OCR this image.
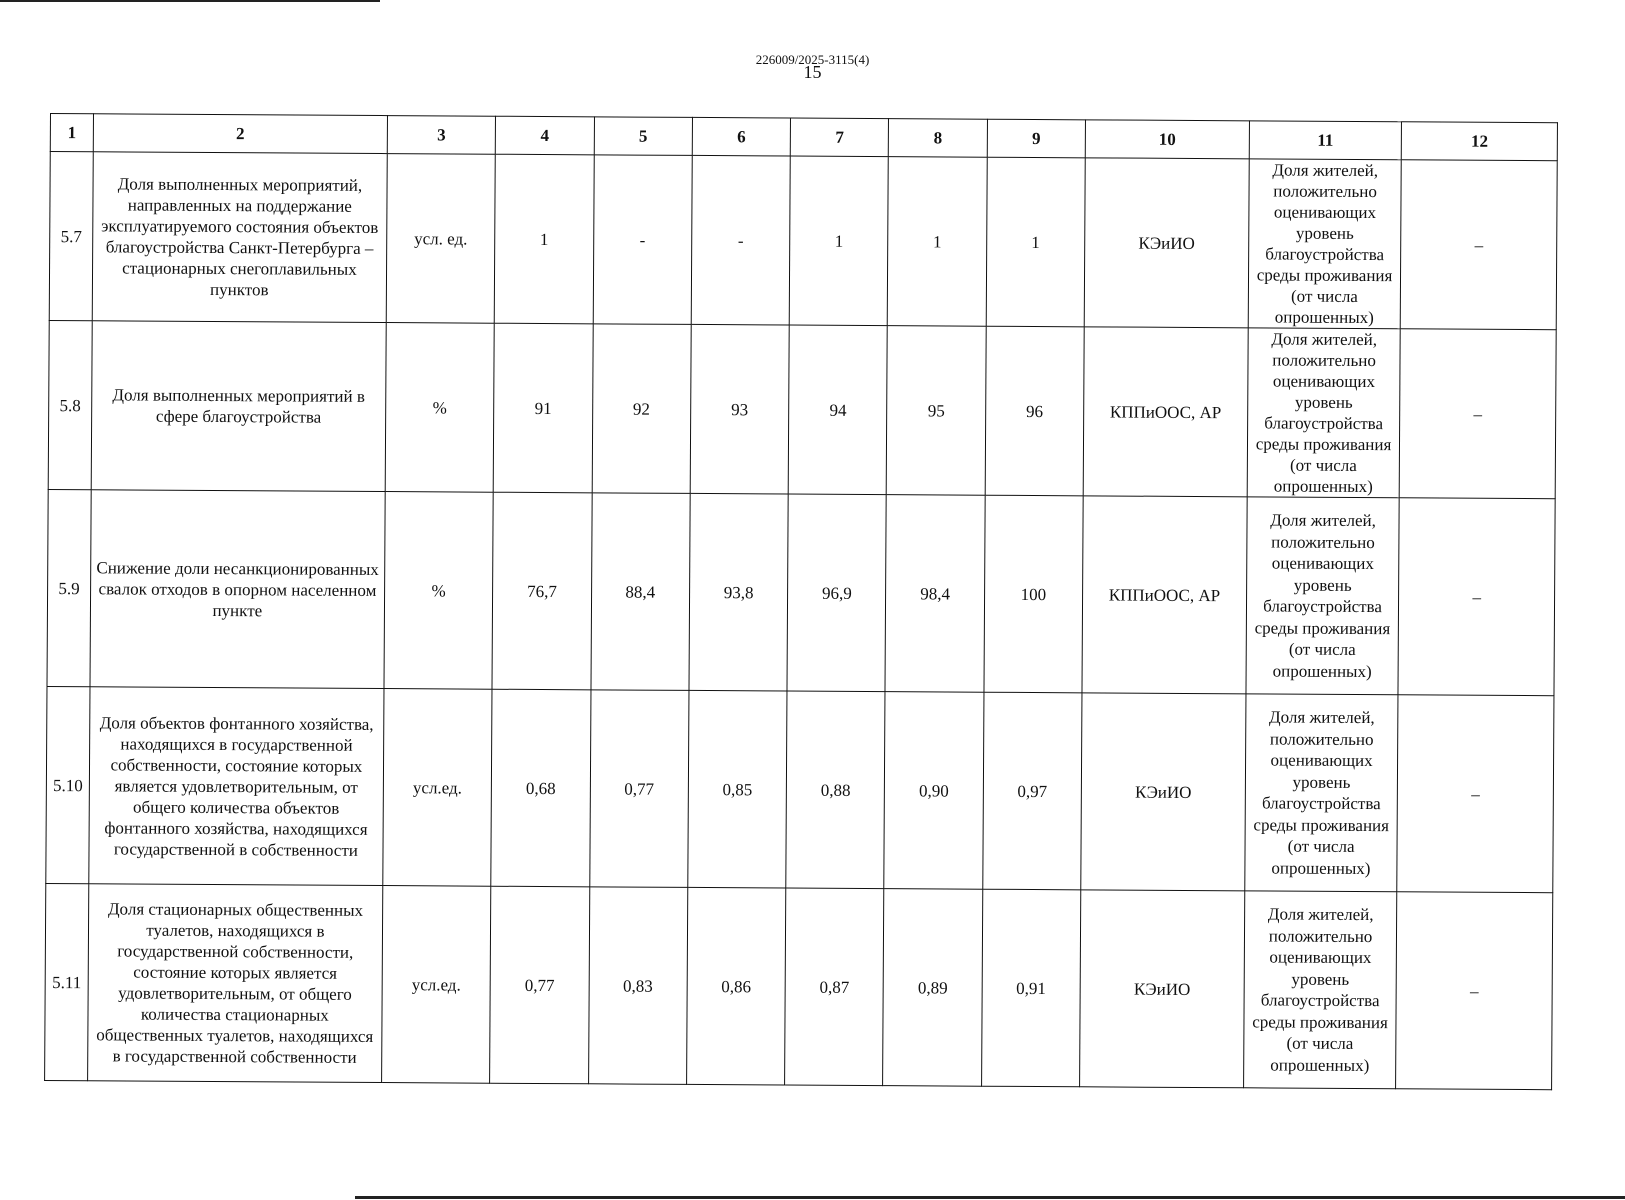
226009/2025-3115(4)
15
1	2	3	4	5	6	7	8	9	10	11	12
5.7	Доля выполненных мероприятий, направленных на поддержание эксплуатируемого состояния объектов благоустройства Санкт-Петербурга – стационарных снегоплавильных пунктов	усл. ед.	1	-	-	1	1	1	КЭиИО	Доля жителей, положительно оценивающих уровень благоустройства среды проживания (от числа опрошенных)	–
5.8	Доля выполненных мероприятий в сфере благоустройства	%	91	92	93	94	95	96	КППиООС, АР	Доля жителей, положительно оценивающих уровень благоустройства среды проживания (от числа опрошенных)	–
5.9	Снижение доли несанкционированных свалок отходов в опорном населенном пункте	%	76,7	88,4	93,8	96,9	98,4	100	КППиООС, АР	Доля жителей, положительно оценивающих уровень благоустройства среды проживания (от числа опрошенных)	–
5.10	Доля объектов фонтанного хозяйства, находящихся в государственной собственности, состояние которых является удовлетворительным, от общего количества объектов фонтанного хозяйства, находящихся государственной в собственности	усл.ед.	0,68	0,77	0,85	0,88	0,90	0,97	КЭиИО	Доля жителей, положительно оценивающих уровень благоустройства среды проживания (от числа опрошенных)	–
5.11	Доля стационарных общественных туалетов, находящихся в государственной собственности, состояние которых является удовлетворительным, от общего количества стационарных общественных туалетов, находящихся в государственной собственности	усл.ед.	0,77	0,83	0,86	0,87	0,89	0,91	КЭиИО	Доля жителей, положительно оценивающих уровень благоустройства среды проживания (от числа опрошенных)	–
